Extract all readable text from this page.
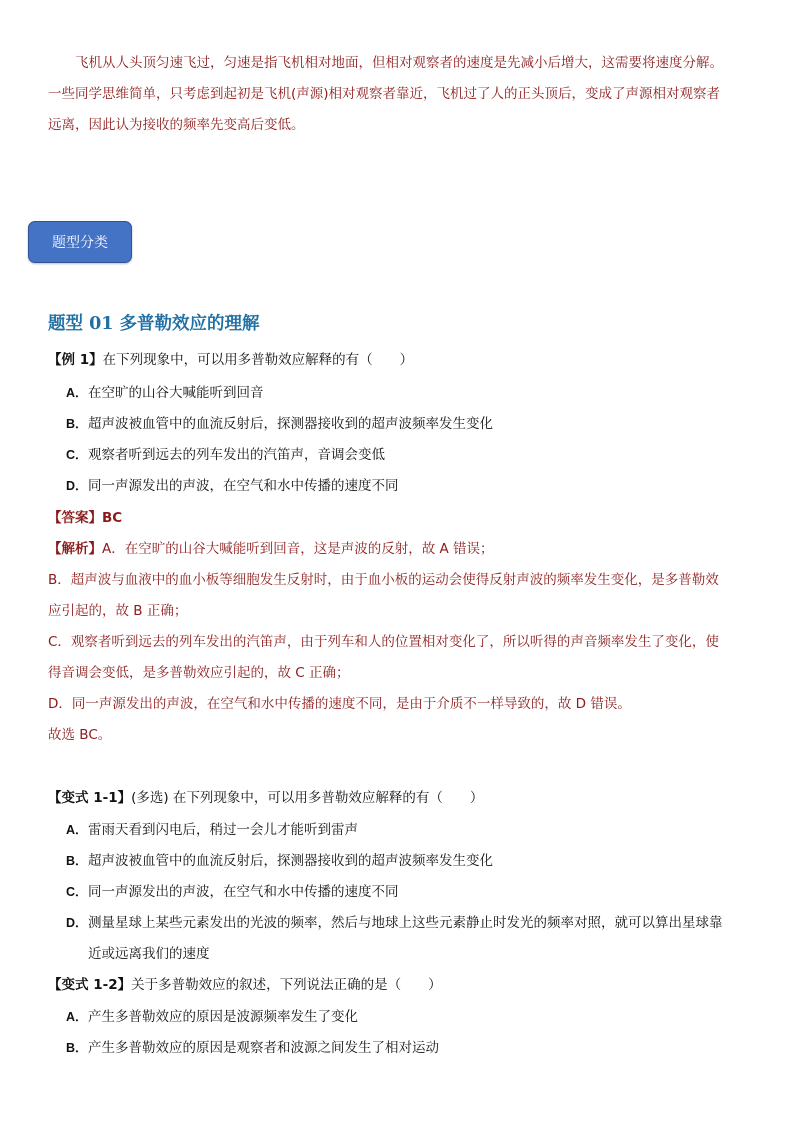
飞机从人头顶匀速飞过，匀速是指飞机相对地面，但相对观察者的速度是先减小后增大，这需要将速度分解。
一些同学思维简单，只考虑到起初是飞机(声源)相对观察者靠近，飞机过了人的正头顶后，变成了声源相对观察者
远离，因此认为接收的频率先变高后变低。
题型分类
题型 01 多普勒效应的理解
【例 1】在下列现象中，可以用多普勒效应解释的有（　　）
A．在空旷的山谷大喊能听到回音
B．超声波被血管中的血流反射后，探测器接收到的超声波频率发生变化
C．观察者听到远去的列车发出的汽笛声，音调会变低
D．同一声源发出的声波，在空气和水中传播的速度不同
【答案】BC
【解析】A．在空旷的山谷大喊能听到回音，这是声波的反射，故 A 错误；
B．超声波与血液中的血小板等细胞发生反射时，由于血小板的运动会使得反射声波的频率发生变化，是多普勒效
应引起的，故 B 正确；
C．观察者听到远去的列车发出的汽笛声，由于列车和人的位置相对变化了，所以听得的声音频率发生了变化，使
得音调会变低，是多普勒效应引起的，故 C 正确；
D．同一声源发出的声波，在空气和水中传播的速度不同，是由于介质不一样导致的，故 D 错误。
故选 BC。
【变式 1-1】(多选) 在下列现象中，可以用多普勒效应解释的有（　　）
A．雷雨天看到闪电后，稍过一会儿才能听到雷声
B．超声波被血管中的血流反射后，探测器接收到的超声波频率发生变化
C．同一声源发出的声波，在空气和水中传播的速度不同
D．测量星球上某些元素发出的光波的频率，然后与地球上这些元素静止时发光的频率对照，就可以算出星球靠
近或远离我们的速度
【变式 1-2】关于多普勒效应的叙述，下列说法正确的是（　　）
A．产生多普勒效应的原因是波源频率发生了变化
B．产生多普勒效应的原因是观察者和波源之间发生了相对运动
